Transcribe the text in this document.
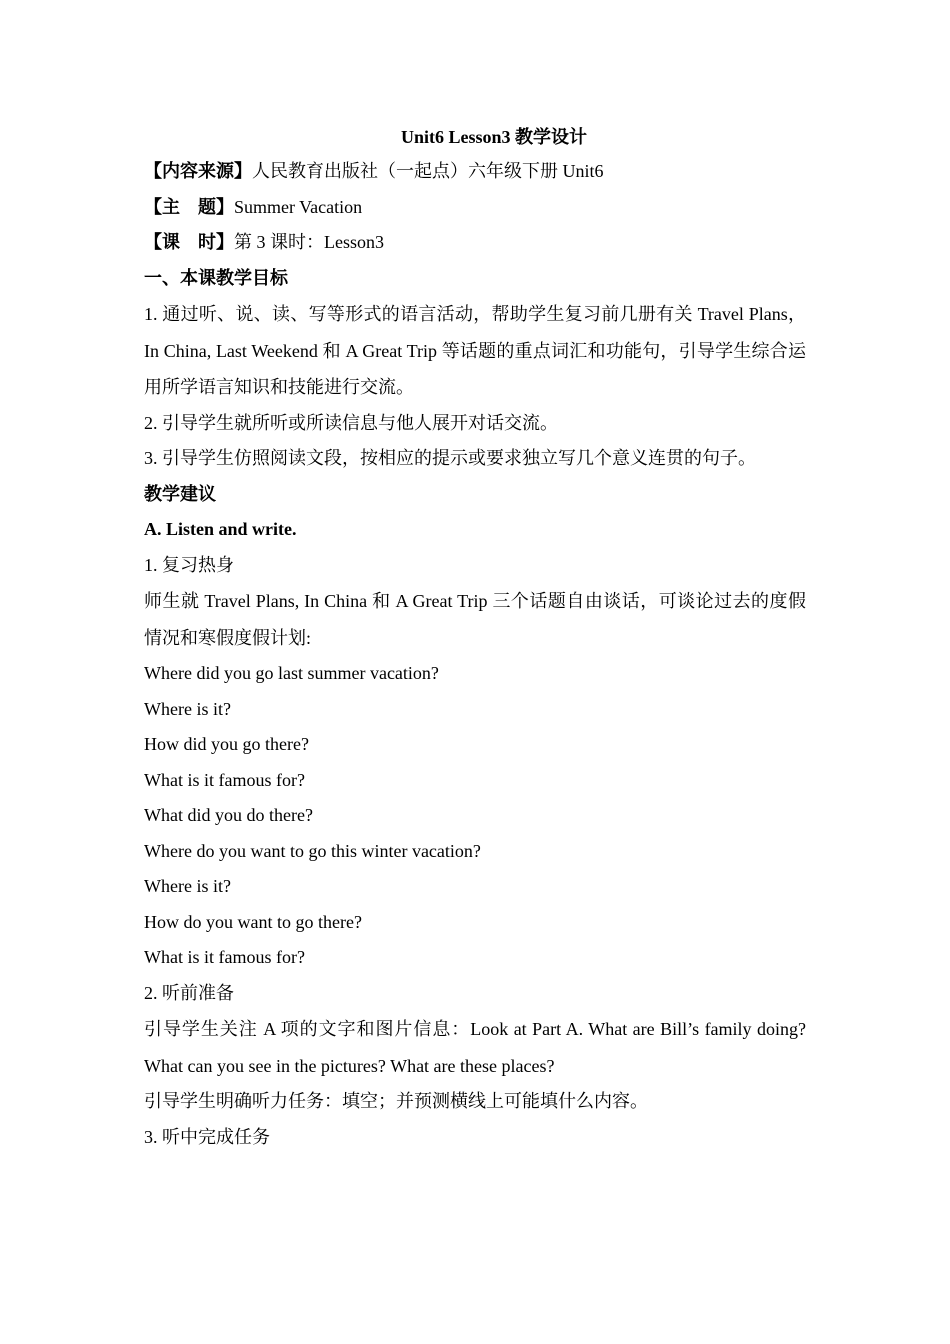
Unit6 Lesson3 教学设计
【内容来源】人民教育出版社（一起点）六年级下册 Unit6
【主　题】Summer Vacation
【课　时】第 3 课时：Lesson3
一、本课教学目标
1. 通过听、说、读、写等形式的语言活动，帮助学生复习前几册有关 Travel Plans，In China, Last Weekend 和 A Great Trip 等话题的重点词汇和功能句，引导学生综合运用所学语言知识和技能进行交流。
2. 引导学生就所听或所读信息与他人展开对话交流。
3. 引导学生仿照阅读文段，按相应的提示或要求独立写几个意义连贯的句子。
教学建议
A. Listen and write.
1. 复习热身
师生就 Travel Plans, In China 和 A Great Trip 三个话题自由谈话，可谈论过去的度假情况和寒假度假计划:
Where did you go last summer vacation?
Where is it?
How did you go there?
What is it famous for?
What did you do there?
Where do you want to go this winter vacation?
Where is it?
How do you want to go there?
What is it famous for?
2. 听前准备
引导学生关注 A 项的文字和图片信息：Look at Part A. What are Bill’s family doing? What can you see in the pictures? What are these places?
引导学生明确听力任务：填空；并预测横线上可能填什么内容。
3. 听中完成任务
